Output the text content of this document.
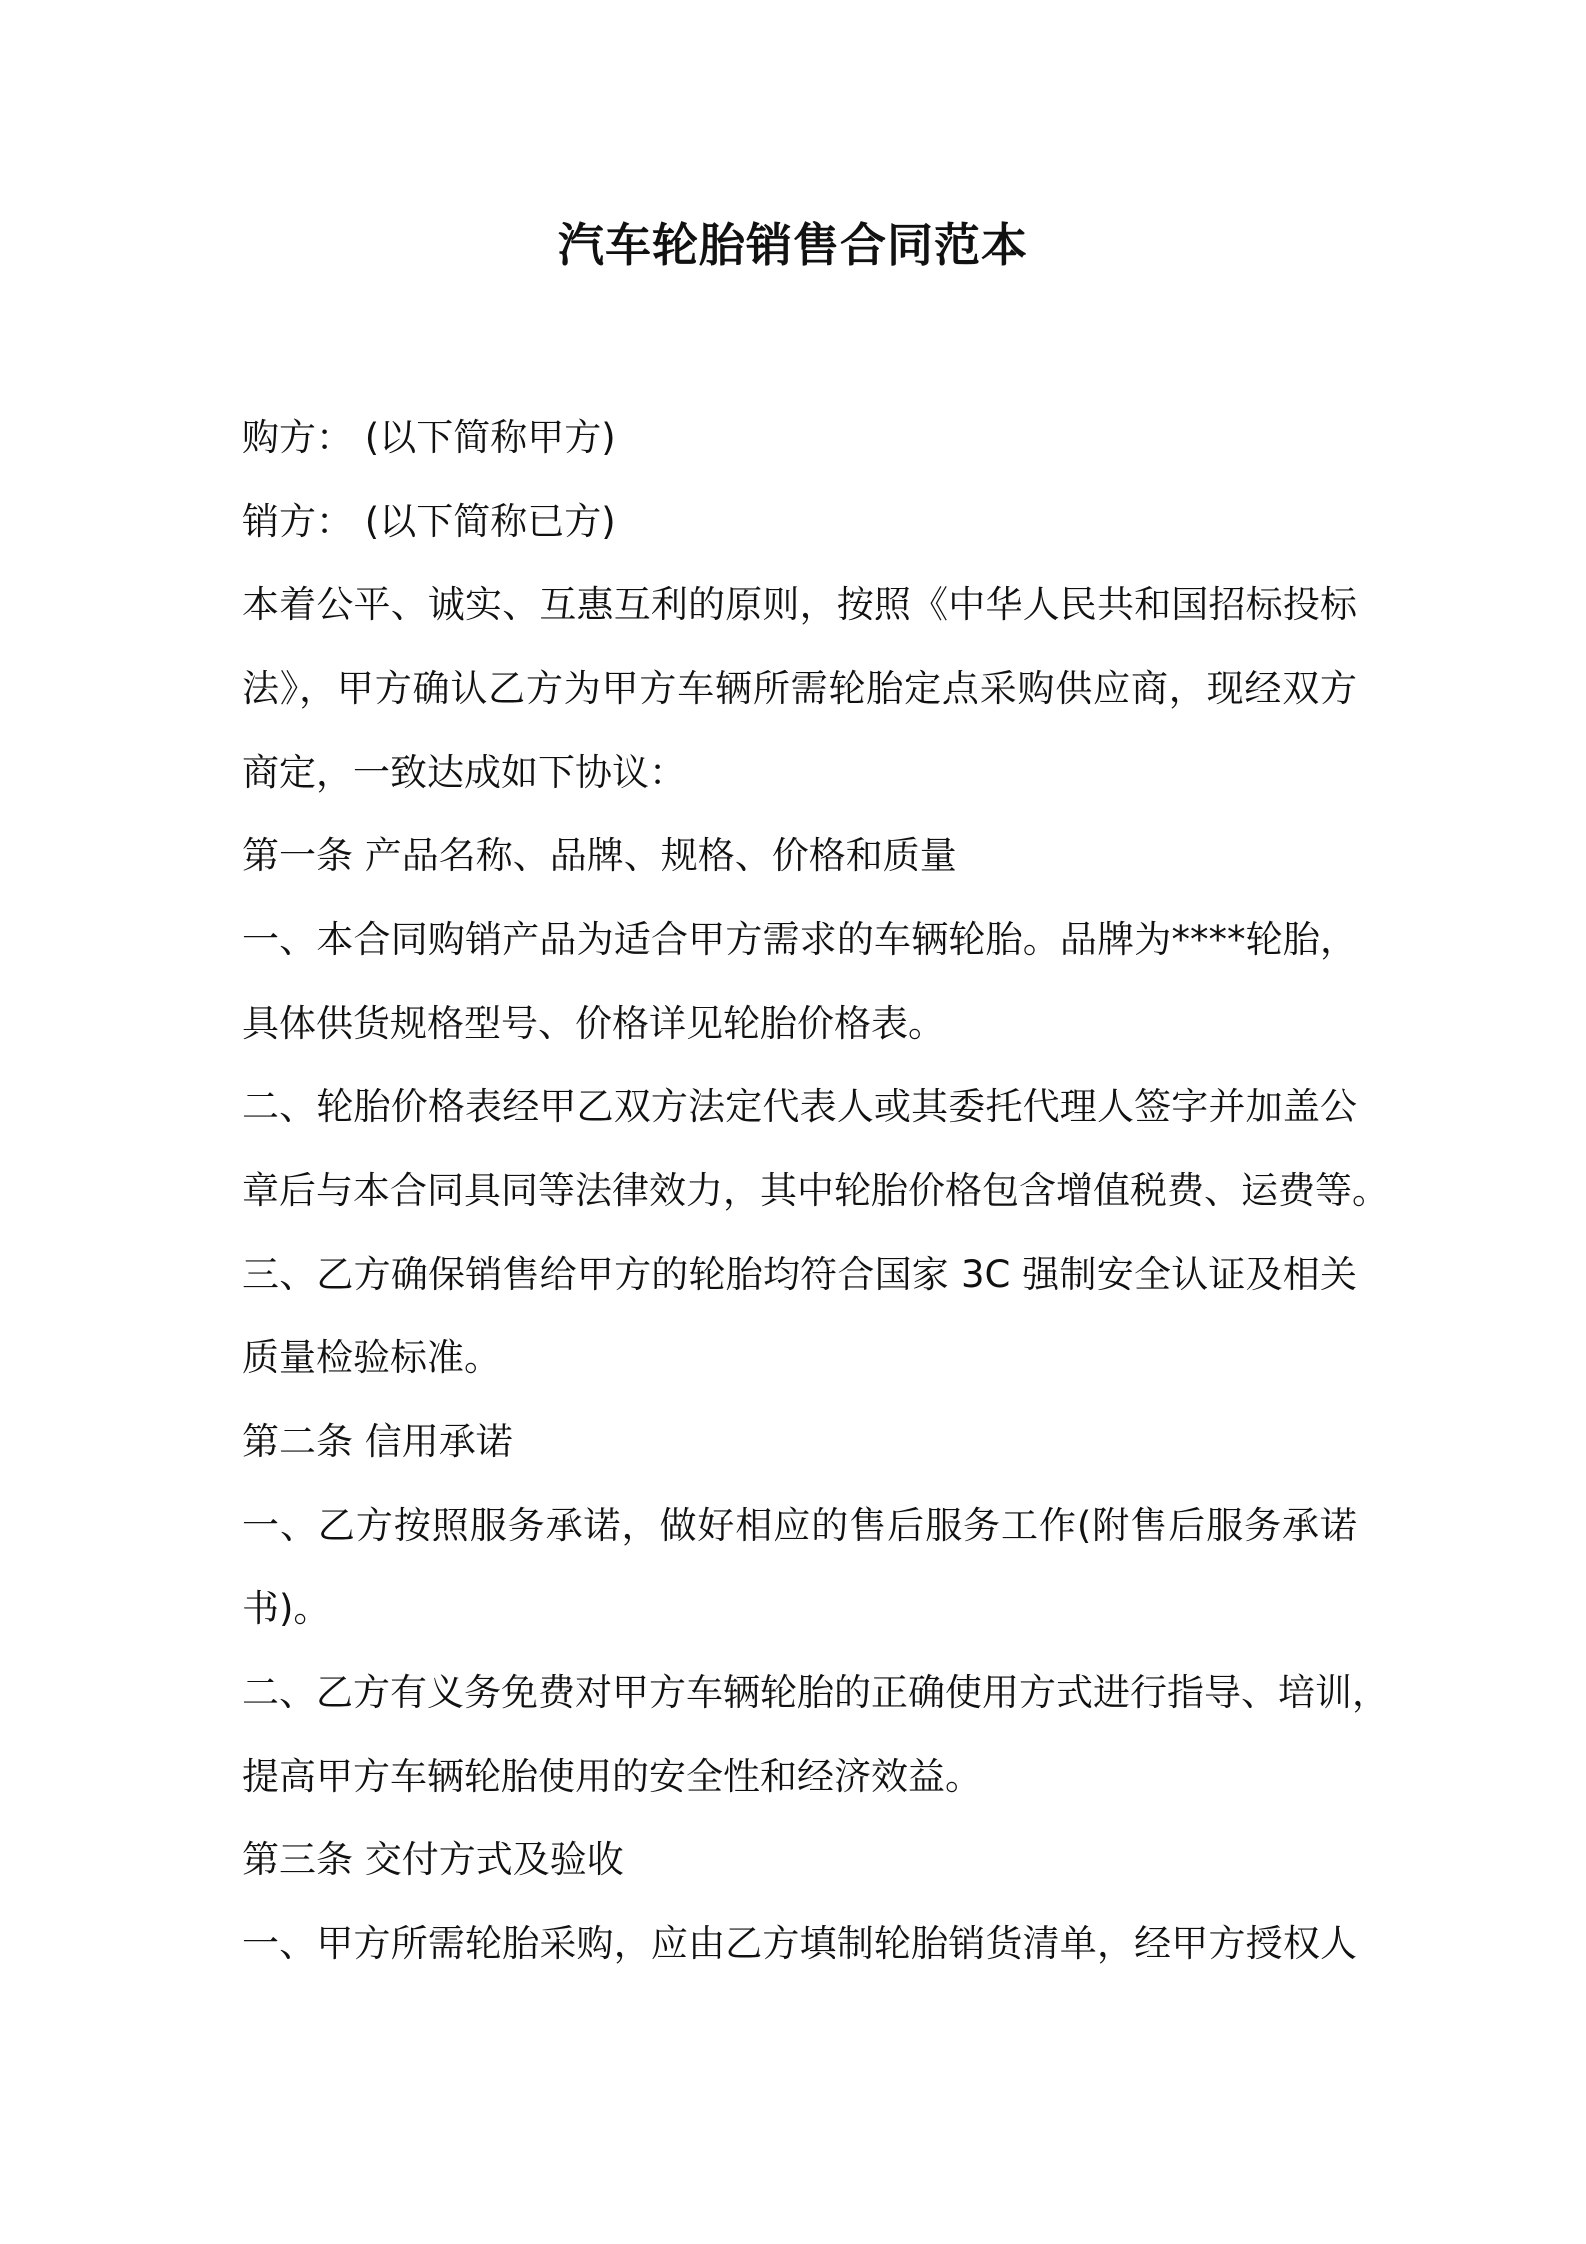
汽车轮胎销售合同范本
购方： (以下简称甲方)
销方： (以下简称已方)
本着公平、诚实、互惠互利的原则，按照《中华人民共和国招标投标
法》，甲方确认乙方为甲方车辆所需轮胎定点采购供应商，现经双方
商定，一致达成如下协议：
第一条 产品名称、品牌、规格、价格和质量
一、本合同购销产品为适合甲方需求的车辆轮胎。品牌为****轮胎，
具体供货规格型号、价格详见轮胎价格表。
二、轮胎价格表经甲乙双方法定代表人或其委托代理人签字并加盖公
章后与本合同具同等法律效力，其中轮胎价格包含增值税费、运费等。
三、乙方确保销售给甲方的轮胎均符合国家 3C 强制安全认证及相关
质量检验标准。
第二条 信用承诺
一、乙方按照服务承诺，做好相应的售后服务工作(附售后服务承诺
书)。
二、乙方有义务免费对甲方车辆轮胎的正确使用方式进行指导、培训，
提高甲方车辆轮胎使用的安全性和经济效益。
第三条 交付方式及验收
一、甲方所需轮胎采购，应由乙方填制轮胎销货清单，经甲方授权人
